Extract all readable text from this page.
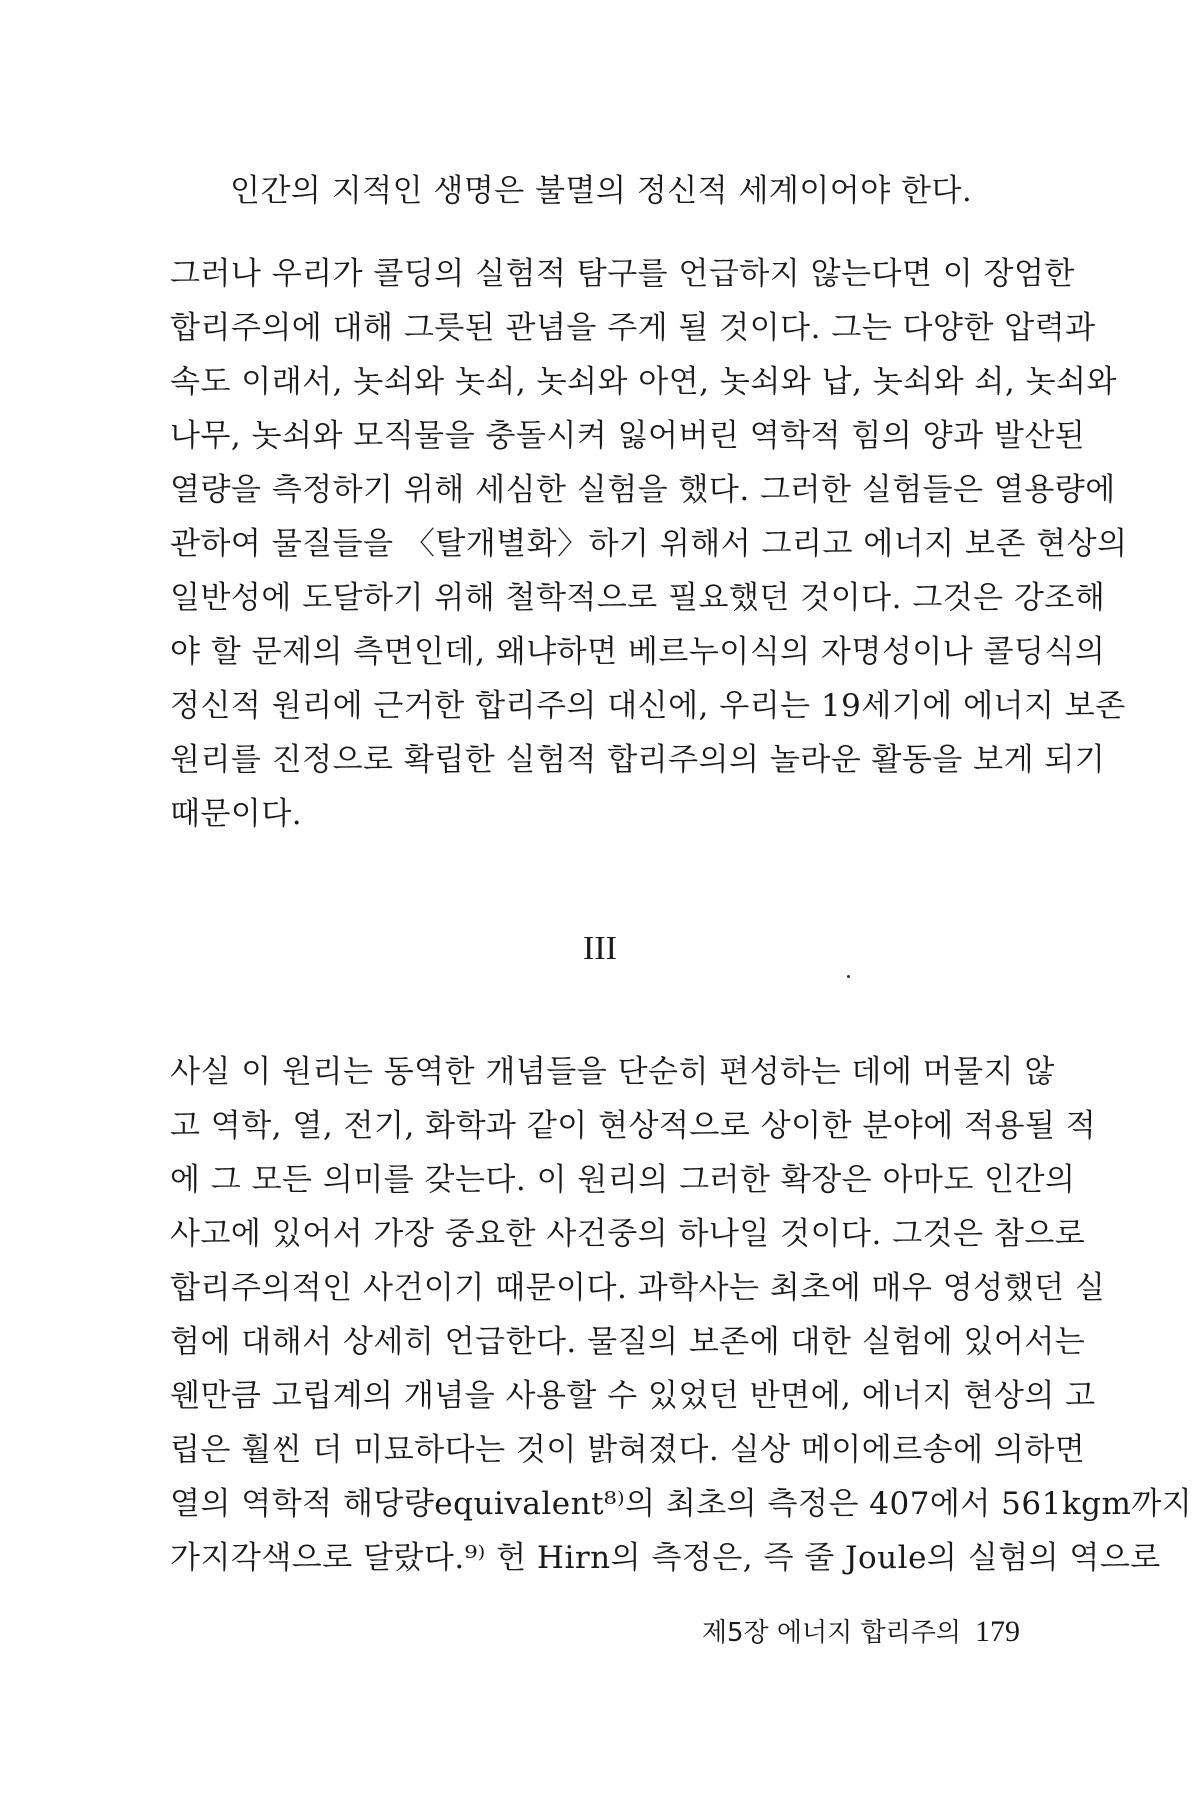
인간의 지적인 생명은 불멸의 정신적 세계이어야 한다.
그러나 우리가 콜딩의 실험적 탐구를 언급하지 않는다면 이 장엄한
합리주의에 대해 그릇된 관념을 주게 될 것이다. 그는 다양한 압력과
속도 이래서, 놋쇠와 놋쇠, 놋쇠와 아연, 놋쇠와 납, 놋쇠와 쇠, 놋쇠와
나무, 놋쇠와 모직물을 충돌시켜 잃어버린 역학적 힘의 양과 발산된
열량을 측정하기 위해 세심한 실험을 했다. 그러한 실험들은 열용량에
관하여 물질들을 〈탈개별화〉하기 위해서 그리고 에너지 보존 현상의
일반성에 도달하기 위해 철학적으로 필요했던 것이다. 그것은 강조해
야 할 문제의 측면인데, 왜냐하면 베르누이식의 자명성이나 콜딩식의
정신적 원리에 근거한 합리주의 대신에, 우리는 19세기에 에너지 보존
원리를 진정으로 확립한 실험적 합리주의의 놀라운 활동을 보게 되기
때문이다.
III
사실 이 원리는 동역한 개념들을 단순히 편성하는 데에 머물지 않
고 역학, 열, 전기, 화학과 같이 현상적으로 상이한 분야에 적용될 적
에 그 모든 의미를 갖는다. 이 원리의 그러한 확장은 아마도 인간의
사고에 있어서 가장 중요한 사건중의 하나일 것이다. 그것은 참으로
합리주의적인 사건이기 때문이다. 과학사는 최초에 매우 영성했던 실
험에 대해서 상세히 언급한다. 물질의 보존에 대한 실험에 있어서는
웬만큼 고립계의 개념을 사용할 수 있었던 반면에, 에너지 현상의 고
립은 훨씬 더 미묘하다는 것이 밝혀졌다. 실상 메이에르송에 의하면
열의 역학적 해당량equivalent⁸⁾의 최초의 측정은 407에서 561kgm까지
가지각색으로 달랐다.⁹⁾ 헌 Hirn의 측정은, 즉 줄 Joule의 실험의 역으로
제5장 에너지 합리주의 179
